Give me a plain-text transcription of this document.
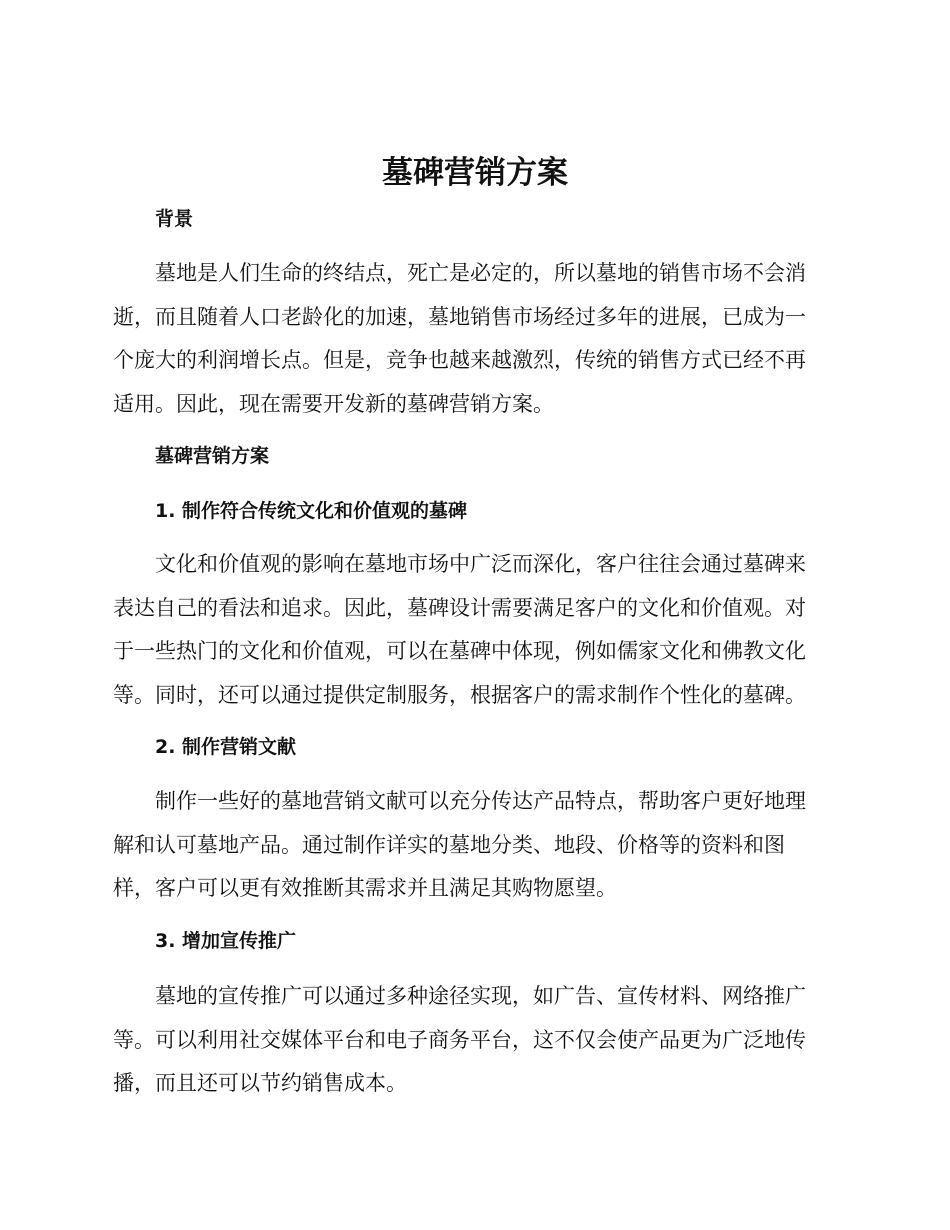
墓碑营销方案
背景
墓地是人们生命的终结点，死亡是必定的，所以墓地的销售市场不会消
逝，而且随着人口老龄化的加速，墓地销售市场经过多年的进展，已成为一
个庞大的利润增长点。但是，竞争也越来越激烈，传统的销售方式已经不再
适用。因此，现在需要开发新的墓碑营销方案。
墓碑营销方案
1. 制作符合传统文化和价值观的墓碑
文化和价值观的影响在墓地市场中广泛而深化，客户往往会通过墓碑来
表达自己的看法和追求。因此，墓碑设计需要满足客户的文化和价值观。对
于一些热门的文化和价值观，可以在墓碑中体现，例如儒家文化和佛教文化
等。同时，还可以通过提供定制服务，根据客户的需求制作个性化的墓碑。
2. 制作营销文献
制作一些好的墓地营销文献可以充分传达产品特点，帮助客户更好地理
解和认可墓地产品。通过制作详实的墓地分类、地段、价格等的资料和图
样，客户可以更有效推断其需求并且满足其购物愿望。
3. 增加宣传推广
墓地的宣传推广可以通过多种途径实现，如广告、宣传材料、网络推广
等。可以利用社交媒体平台和电子商务平台，这不仅会使产品更为广泛地传
播，而且还可以节约销售成本。
